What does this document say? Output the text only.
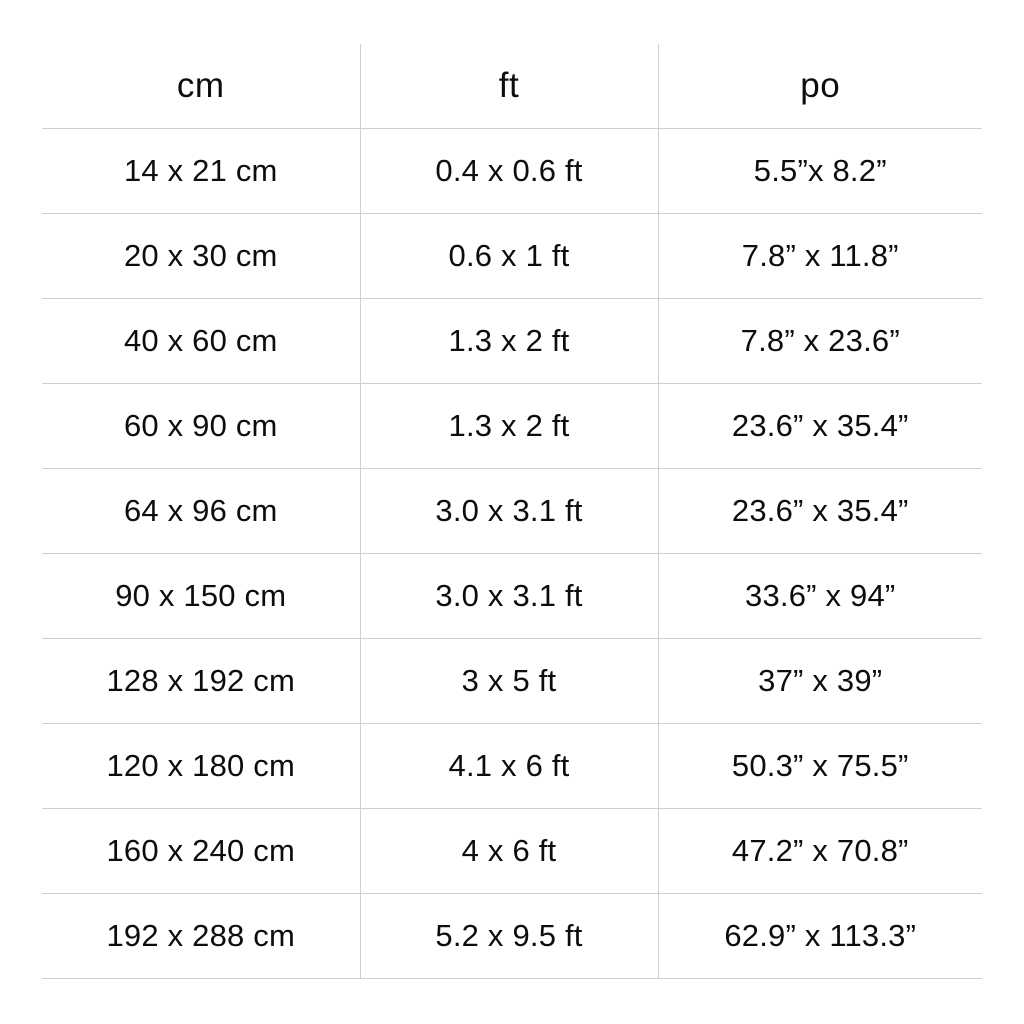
cm	ft	po

14 x 21 cm	0.4 x 0.6 ft	5.5”x 8.2”

20 x 30 cm	0.6 x 1 ft	7.8” x 11.8”

40 x 60 cm	1.3 x 2 ft	7.8” x 23.6”

60 x 90 cm	1.3 x 2 ft	23.6” x 35.4”

64 x 96 cm	3.0 x 3.1 ft	23.6” x 35.4”

90 x 150 cm	3.0 x 3.1 ft	33.6” x 94”

128 x 192 cm	3 x 5 ft	37” x 39”

120 x 180 cm	4.1 x 6 ft	50.3” x 75.5”

160 x 240 cm	4 x 6 ft	47.2” x 70.8”

192 x 288 cm	5.2 x 9.5 ft	62.9” x 113.3”
